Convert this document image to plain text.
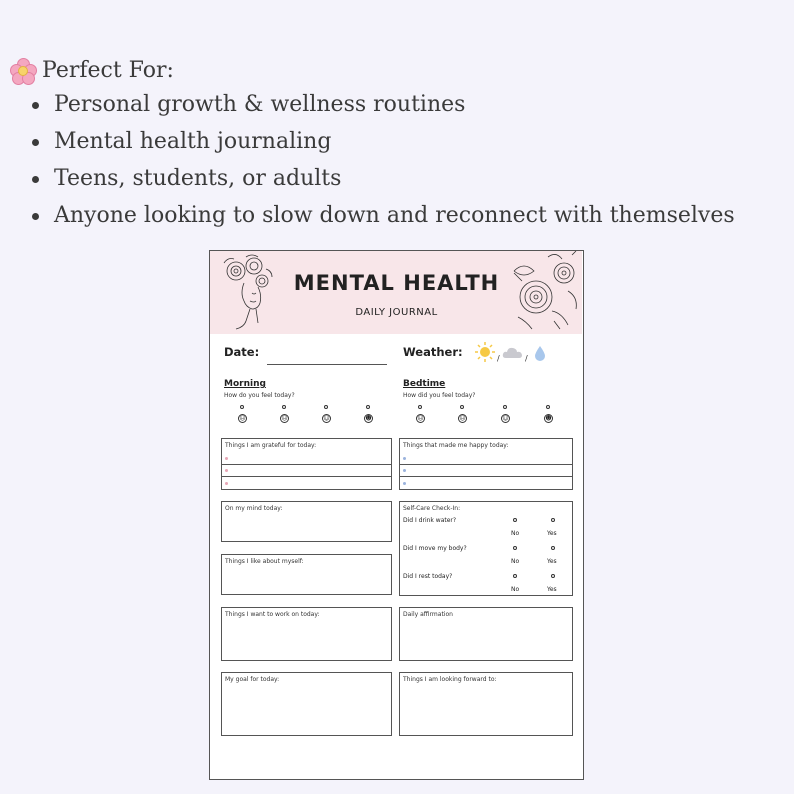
Perfect For:
Personal growth & wellness routines
Mental health journaling
Teens, students, or adults
Anyone looking to slow down and reconnect with themselves
MENTAL HEALTH
DAILY JOURNAL
Date:	Weather:	/	/
Morning
How do you feel today?
☹	☹	☺	☻
Bedtime
How did you feel today?
☹	☹	☺	☻
Things I am grateful for today:	Things that made me happy today:
On my mind today:	Self-Care Check-In:
Did I drink water?
No	Yes
Did I move my body?
No	Yes
Did I rest today?
No	Yes
Things I like about myself:
Things I want to work on today:	Daily affirmation
My goal for today:	Things I am looking forward to:
